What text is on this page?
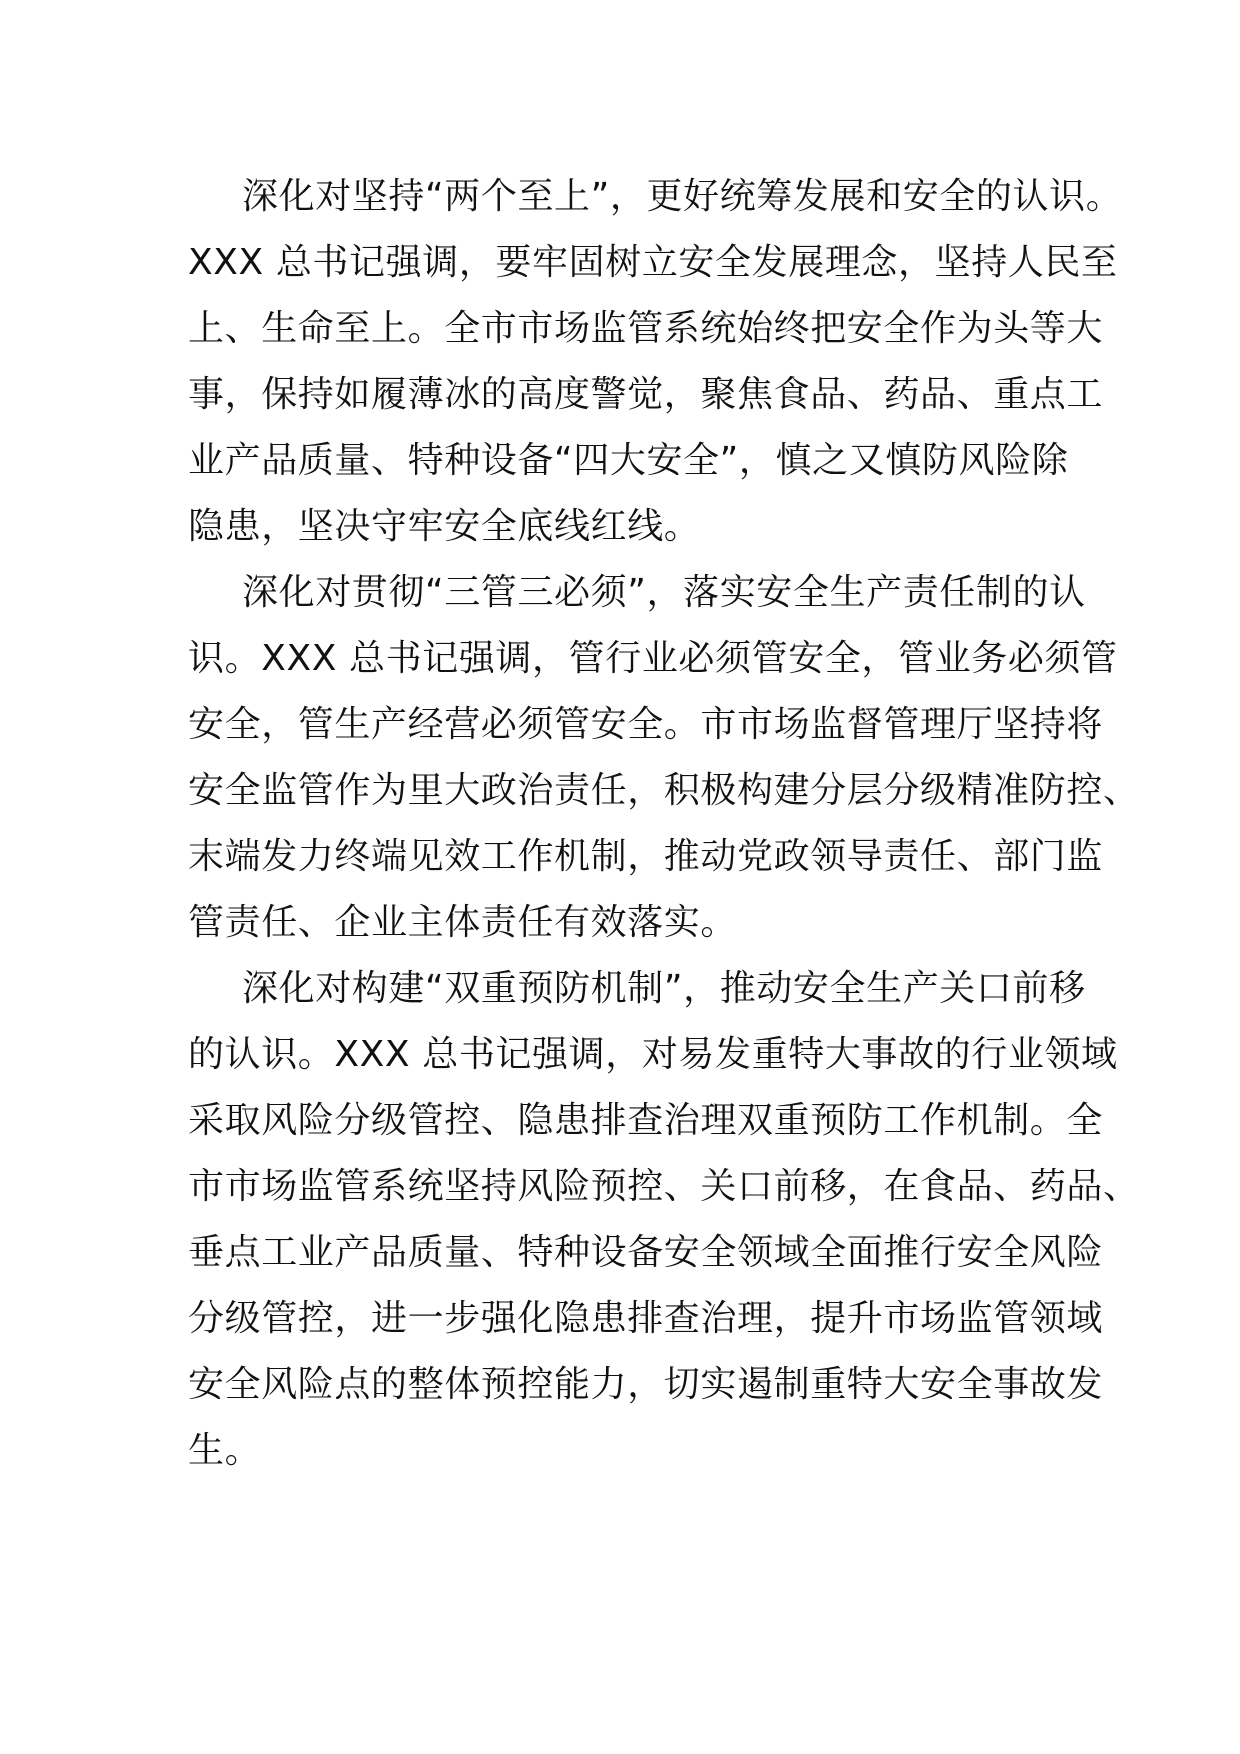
深化对坚持“两个至上”，更好统筹发展和安全的认识。
XXX 总书记强调，要牢固树立安全发展理念，坚持人民至
上、生命至上。全市市场监管系统始终把安全作为头等大
事，保持如履薄冰的高度警觉，聚焦食品、药品、重点工
业产品质量、特种设备“四大安全”，慎之又慎防风险除
隐患，坚决守牢安全底线红线。
深化对贯彻“三管三必须”，落实安全生产责任制的认
识。XXX 总书记强调，管行业必须管安全，管业务必须管
安全，管生产经营必须管安全。市市场监督管理厅坚持将
安全监管作为里大政治责任，积极构建分层分级精准防控、
末端发力终端见效工作机制，推动党政领导责任、部门监
管责任、企业主体责任有效落实。
深化对构建“双重预防机制”，推动安全生产关口前移
的认识。XXX 总书记强调，对易发重特大事故的行业领域
采取风险分级管控、隐患排查治理双重预防工作机制。全
市市场监管系统坚持风险预控、关口前移，在食品、药品、
垂点工业产品质量、特种设备安全领域全面推行安全风险
分级管控，进一步强化隐患排查治理，提升市场监管领域
安全风险点的整体预控能力，切实遏制重特大安全事故发
生。
